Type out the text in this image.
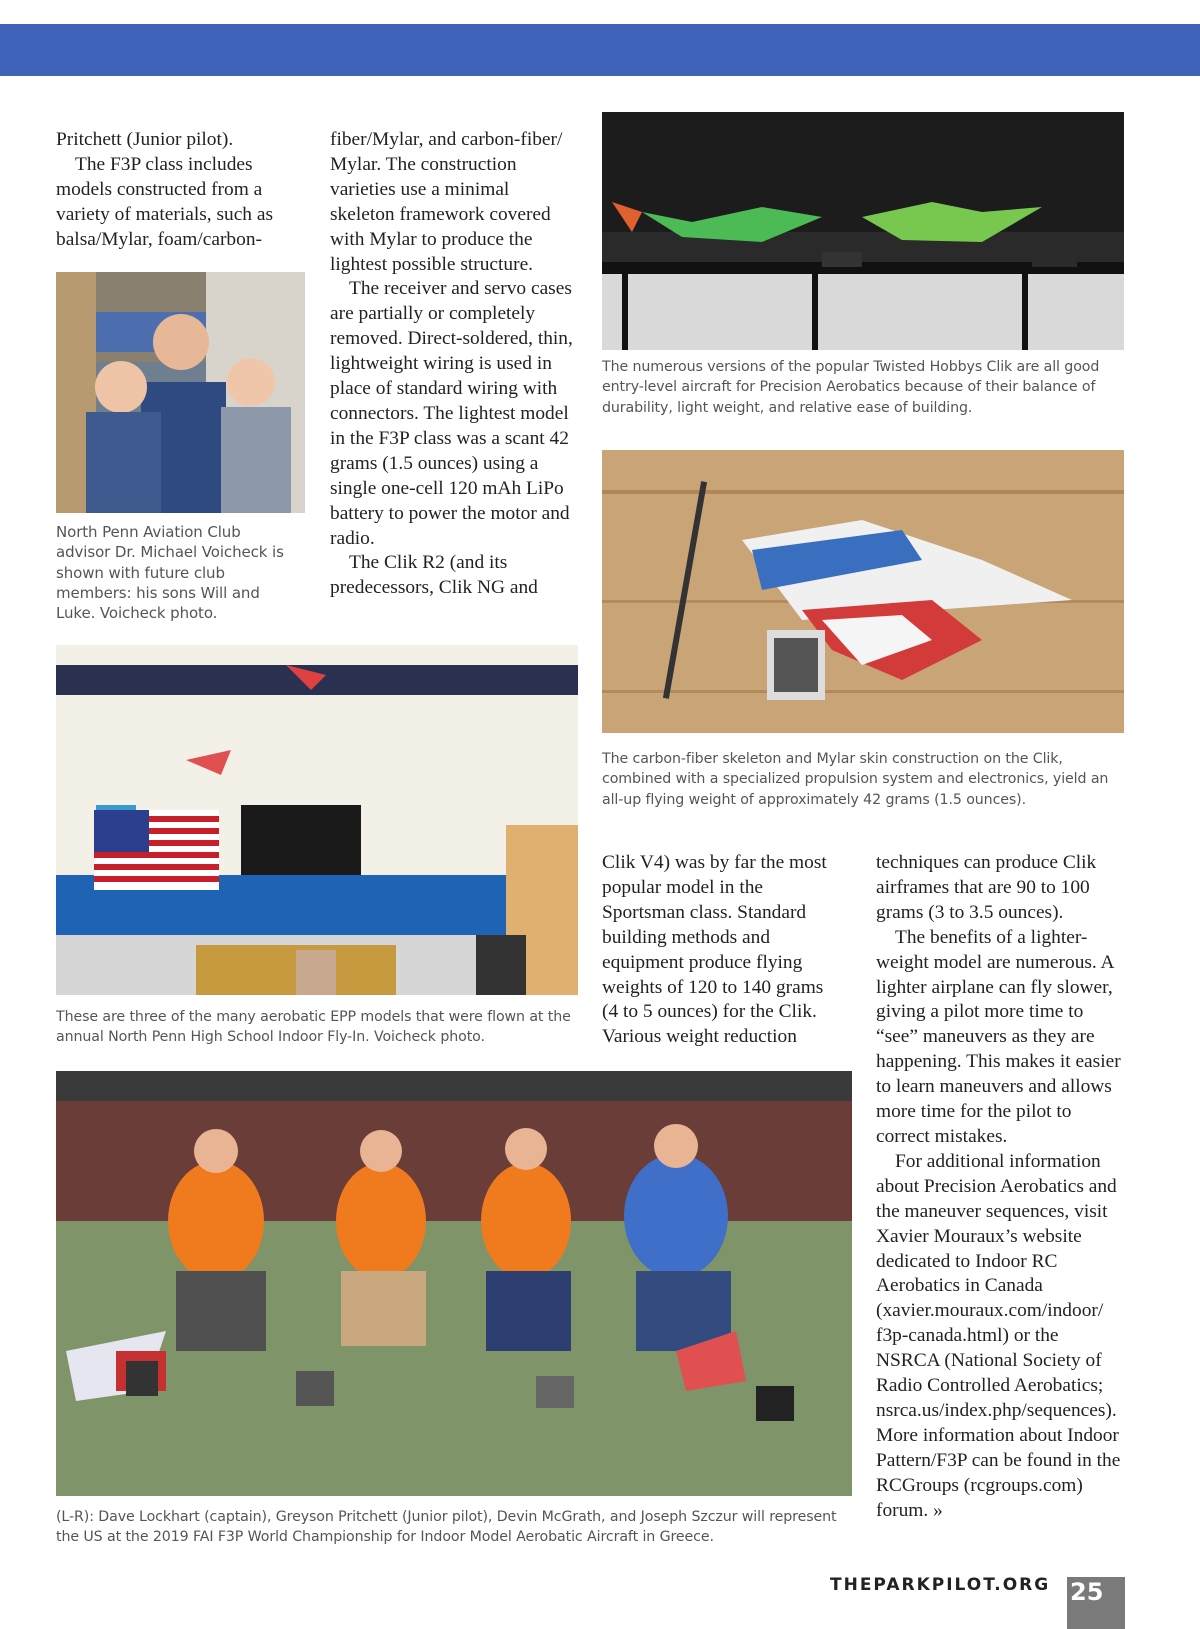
Pritchett (Junior pilot).

The F3P class includes models constructed from a variety of materials, such as balsa/Mylar, foam/carbon-

North Penn Aviation Club advisor Dr. Michael Voicheck is shown with future club members: his sons Will and Luke. Voicheck photo.

fiber/Mylar, and carbon-fiber/ Mylar. The construction varieties use a minimal skeleton framework covered with Mylar to produce the lightest possible structure.

The receiver and servo cases are partially or completely removed. Direct-soldered, thin, lightweight wiring is used in place of standard wiring with connectors. The lightest model in the F3P class was a scant 42 grams (1.5 ounces) using a single one-cell 120 mAh LiPo battery to power the motor and radio.

The Clik R2 (and its predecessors, Clik NG and

The numerous versions of the popular Twisted Hobbys Clik are all good entry-level aircraft for Precision Aerobatics because of their balance of durability, light weight, and relative ease of building.
The carbon-fiber skeleton and Mylar skin construction on the Clik, combined with a specialized propulsion system and electronics, yield an all-up flying weight of approximately 42 grams (1.5 ounces).
These are three of the many aerobatic EPP models that were flown at the annual North Penn High School Indoor Fly-In. Voicheck photo.

Clik V4) was by far the most popular model in the Sportsman class. Standard building methods and equipment produce flying weights of 120 to 140 grams (4 to 5 ounces) for the Clik. Various weight reduction

techniques can produce Clik airframes that are 90 to 100 grams (3 to 3.5 ounces).

The benefits of a lighter-weight model are numerous. A lighter airplane can fly slower, giving a pilot more time to “see” maneuvers as they are happening. This makes it easier to learn maneuvers and allows more time for the pilot to correct mistakes.

For additional information about Precision Aerobatics and the maneuver sequences, visit Xavier Mouraux’s website dedicated to Indoor RC Aerobatics in Canada (xavier.mouraux.com/indoor/ f3p-canada.html) or the NSRCA (National Society of Radio Controlled Aerobatics; nsrca.us/index.php/sequences). More information about Indoor Pattern/F3P can be found in the RCGroups (rcgroups.com) forum. »

(L-R): Dave Lockhart (captain), Greyson Pritchett (Junior pilot), Devin McGrath, and Joseph Szczur will represent the US at the 2019 FAI F3P World Championship for Indoor Model Aerobatic Aircraft in Greece.
THEPARKPILOT.ORG 25
